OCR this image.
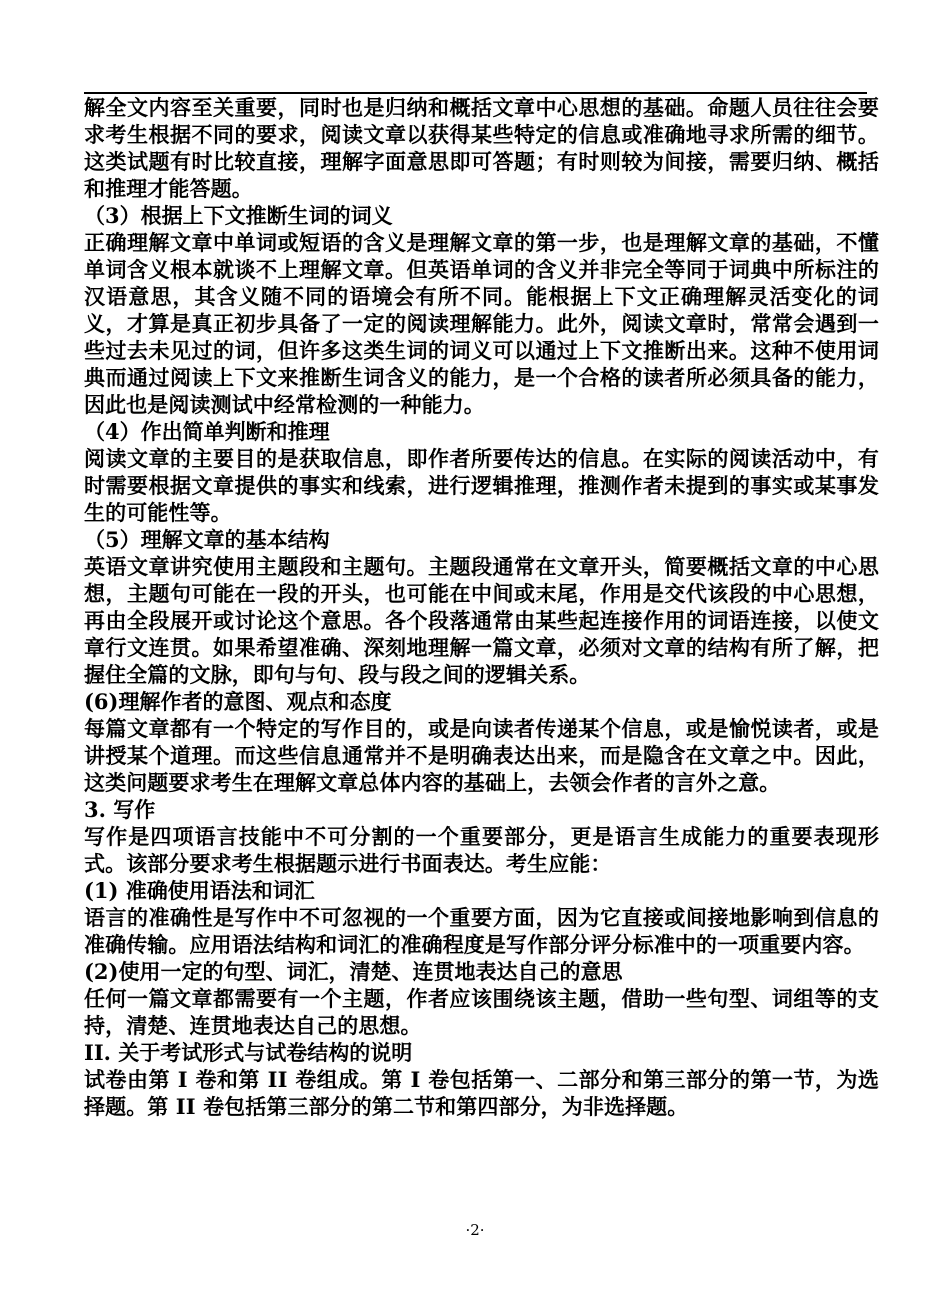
解全文内容至关重要，同时也是归纳和概括文章中心思想的基础。命题人员往往会要求考生根据不同的要求，阅读文章以获得某些特定的信息或准确地寻求所需的细节。这类试题有时比较直接，理解字面意思即可答题；有时则较为间接，需要归纳、概括和推理才能答题。

（3）根据上下文推断生词的词义

正确理解文章中单词或短语的含义是理解文章的第一步，也是理解文章的基础，不懂单词含义根本就谈不上理解文章。但英语单词的含义并非完全等同于词典中所标注的汉语意思，其含义随不同的语境会有所不同。能根据上下文正确理解灵活变化的词义，才算是真正初步具备了一定的阅读理解能力。此外，阅读文章时，常常会遇到一些过去未见过的词，但许多这类生词的词义可以通过上下文推断出来。这种不使用词典而通过阅读上下文来推断生词含义的能力，是一个合格的读者所必须具备的能力，因此也是阅读测试中经常检测的一种能力。

（4）作出简单判断和推理

阅读文章的主要目的是获取信息，即作者所要传达的信息。在实际的阅读活动中，有时需要根据文章提供的事实和线索，进行逻辑推理，推测作者未提到的事实或某事发生的可能性等。

（5）理解文章的基本结构

英语文章讲究使用主题段和主题句。主题段通常在文章开头，简要概括文章的中心思想，主题句可能在一段的开头，也可能在中间或末尾，作用是交代该段的中心思想，再由全段展开或讨论这个意思。各个段落通常由某些起连接作用的词语连接，以使文章行文连贯。如果希望准确、深刻地理解一篇文章，必须对文章的结构有所了解，把握住全篇的文脉，即句与句、段与段之间的逻辑关系。

(6)理解作者的意图、观点和态度

每篇文章都有一个特定的写作目的，或是向读者传递某个信息，或是愉悦读者，或是讲授某个道理。而这些信息通常并不是明确表达出来，而是隐含在文章之中。因此，这类问题要求考生在理解文章总体内容的基础上，去领会作者的言外之意。

3. 写作

写作是四项语言技能中不可分割的一个重要部分，更是语言生成能力的重要表现形式。该部分要求考生根据题示进行书面表达。考生应能：

(1) 准确使用语法和词汇

语言的准确性是写作中不可忽视的一个重要方面，因为它直接或间接地影响到信息的准确传输。应用语法结构和词汇的准确程度是写作部分评分标准中的一项重要内容。

(2)使用一定的句型、词汇，清楚、连贯地表达自己的意思

任何一篇文章都需要有一个主题，作者应该围绕该主题，借助一些句型、词组等的支持，清楚、连贯地表达自己的思想。

II. 关于考试形式与试卷结构的说明

试卷由第 I 卷和第 II 卷组成。第 I 卷包括第一、二部分和第三部分的第一节，为选择题。第 II 卷包括第三部分的第二节和第四部分，为非选择题。

·2·
